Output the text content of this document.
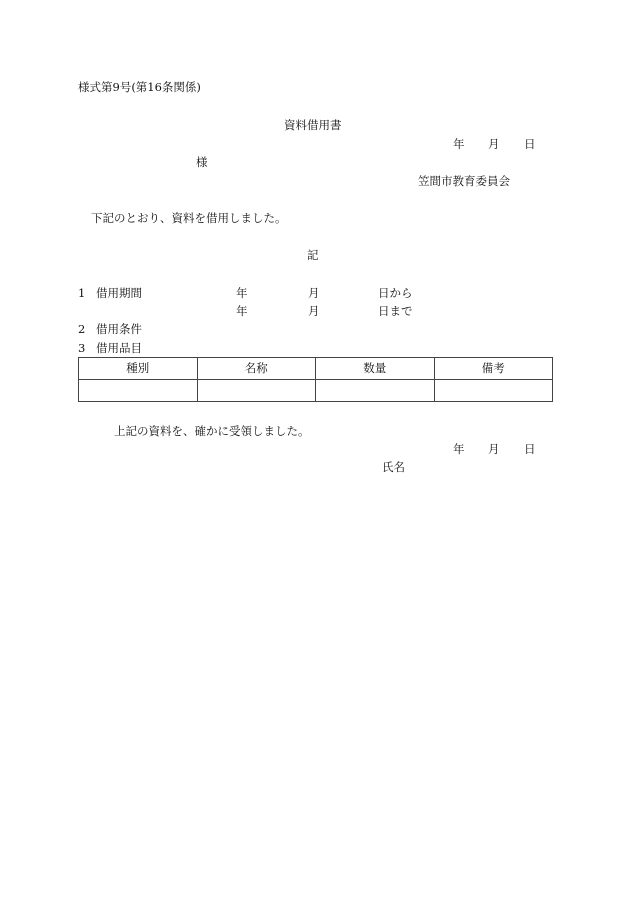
様式第9号(第16条関係)
資料借用書
年 月 日
様
笠間市教育委員会
下記のとおり、資料を借用しました。
記
1 借用期間	年	月	日から
年	月	日まで
2 借用条件
3 借用品目
種別	名称	数量	備考

上記の資料を、確かに受領しました。
年 月 日
氏名
